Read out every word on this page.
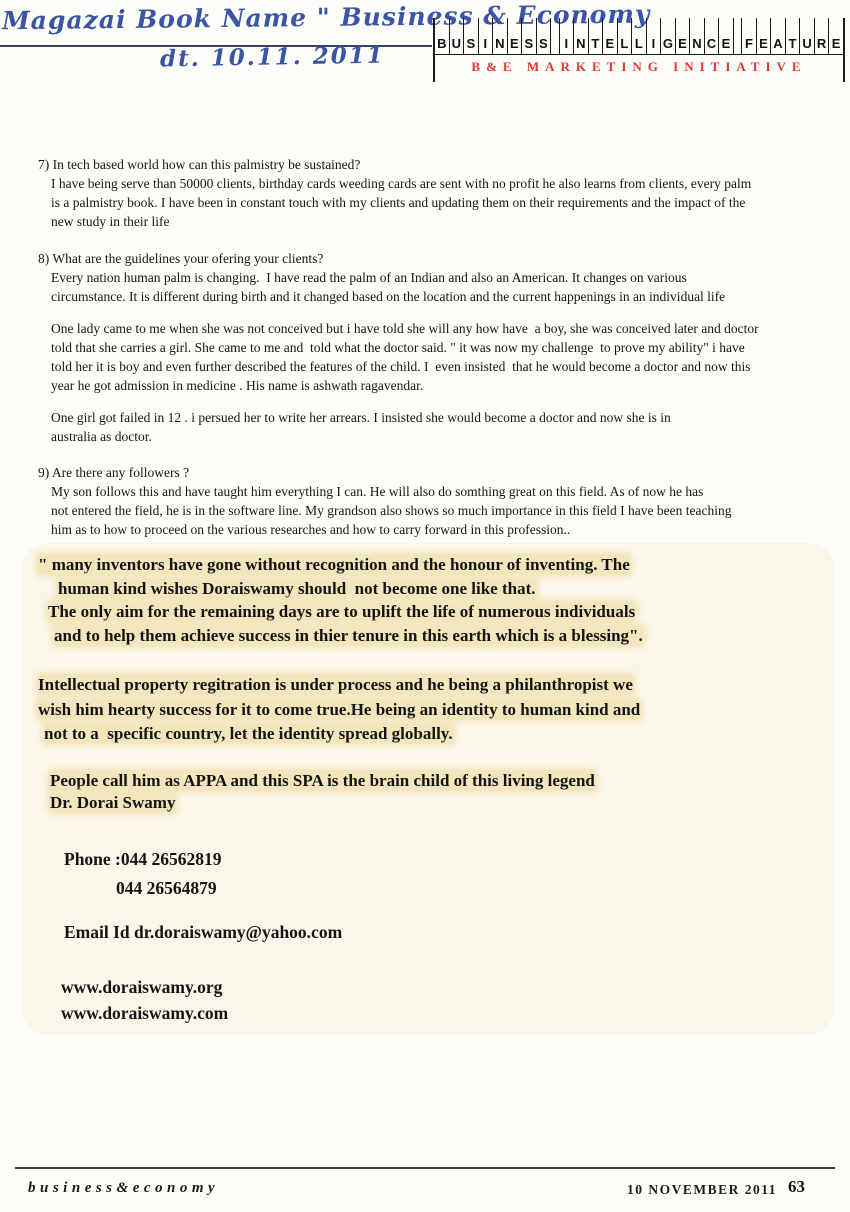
Magazai Book Name " Business & Economy
dt. 10.11. 2011	B U S I N E S S	I N T E L L I G E N C E F E A T U R E
B&E MARKETING INITIATIVE
7) In tech based world how can this palmistry be sustained?
I have being serve than 50000 clients, birthday cards weeding cards are sent with no profit he also learns from clients, every palm
is a palmistry book. I have been in constant touch with my clients and updating them on their requirements and the impact of the
new study in their life
8) What are the guidelines your ofering your clients?
Every nation human palm is changing.  I have read the palm of an Indian and also an American. It changes on various
circumstance. It is different during birth and it changed based on the location and the current happenings in an individual life
One lady came to me when she was not conceived but i have told she will any how have  a boy, she was conceived later and doctor
told that she carries a girl. She came to me and  told what the doctor said. " it was now my challenge  to prove my ability" i have
told her it is boy and even further described the features of the child. I  even insisted  that he would become a doctor and now this
year he got admission in medicine . His name is ashwath ragavendar.
One girl got failed in 12 . i persued her to write her arrears. I insisted she would become a doctor and now she is in
australia as doctor.
9) Are there any followers ?
My son follows this and have taught him everything I can. He will also do somthing great on this field. As of now he has
not entered the field, he is in the software line. My grandson also shows so much importance in this field I have been teaching
him as to how to proceed on the various researches and how to carry forward in this profession..
" many inventors have gone without recognition and the honour of inventing. The
human kind wishes Doraiswamy should  not become one like that.
The only aim for the remaining days are to uplift the life of numerous individuals
and to help them achieve success in thier tenure in this earth which is a blessing".
Intellectual property regitration is under process and he being a philanthropist we
wish him hearty success for it to come true.He being an identity to human kind and
not to a  specific country, let the identity spread globally.
People call him as APPA and this SPA is the brain child of this living legend
Dr. Dorai Swamy
Phone :044 26562819
044 26564879
Email Id dr.doraiswamy@yahoo.com
www.doraiswamy.org
www.doraiswamy.com
business&economy	10 NOVEMBER 2011 63
